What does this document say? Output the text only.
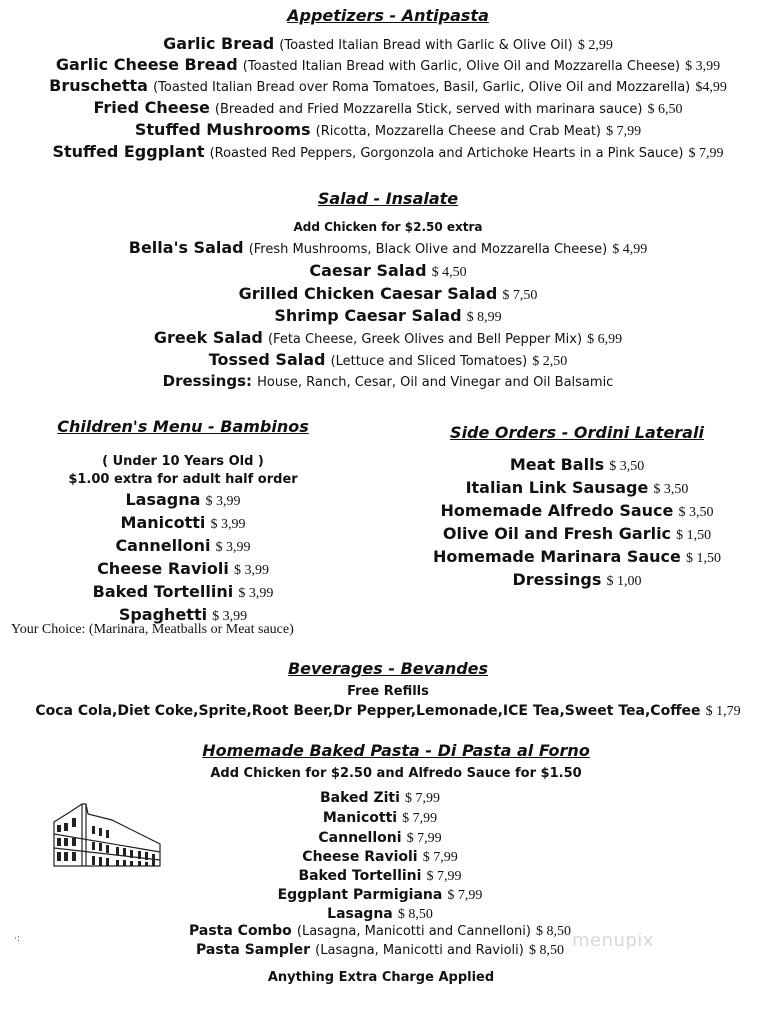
Appetizers - Antipasta
Garlic Bread (Toasted Italian Bread with Garlic & Olive Oil) $ 2,99
Garlic Cheese Bread (Toasted Italian Bread with Garlic, Olive Oil and Mozzarella Cheese) $ 3,99
Bruschetta (Toasted Italian Bread over Roma Tomatoes, Basil, Garlic, Olive Oil and Mozzarella) $4,99
Fried Cheese (Breaded and Fried Mozzarella Stick, served with marinara sauce) $ 6,50
Stuffed Mushrooms (Ricotta, Mozzarella Cheese and Crab Meat) $ 7,99
Stuffed Eggplant (Roasted Red Peppers, Gorgonzola and Artichoke Hearts in a Pink Sauce) $ 7,99
Salad - Insalate
Add Chicken for $2.50 extra
Bella's Salad (Fresh Mushrooms, Black Olive and Mozzarella Cheese) $ 4,99
Caesar Salad $ 4,50
Grilled Chicken Caesar Salad $ 7,50
Shrimp Caesar Salad $ 8,99
Greek Salad (Feta Cheese, Greek Olives and Bell Pepper Mix) $ 6,99
Tossed Salad (Lettuce and Sliced Tomatoes) $ 2,50
Dressings: House, Ranch, Cesar, Oil and Vinegar and Oil Balsamic
Children's Menu - Bambinos
( Under 10 Years Old )
$1.00 extra for adult half order
Lasagna $ 3,99
Manicotti $ 3,99
Cannelloni $ 3,99
Cheese Ravioli $ 3,99
Baked Tortellini $ 3,99
Spaghetti $ 3,99
Your Choice: (Marinara, Meatballs or Meat sauce)
Side Orders - Ordini Laterali
Meat Balls $ 3,50
Italian Link Sausage $ 3,50
Homemade Alfredo Sauce $ 3,50
Olive Oil and Fresh Garlic $ 1,50
Homemade Marinara Sauce $ 1,50
Dressings $ 1,00
Beverages - Bevandes
Free Refills
Coca Cola,Diet Coke,Sprite,Root Beer,Dr Pepper,Lemonade,ICE Tea,Sweet Tea,Coffee $ 1,79
Homemade Baked Pasta - Di Pasta al Forno
Add Chicken for $2.50 and Alfredo Sauce for $1.50
Baked Ziti $ 7,99
Manicotti $ 7,99
Cannelloni $ 7,99
Cheese Ravioli $ 7,99
Baked Tortellini $ 7,99
Eggplant Parmigiana $ 7,99
Lasagna $ 8,50
Pasta Combo (Lasagna, Manicotti and Cannelloni) $ 8,50
Pasta Sampler (Lasagna, Manicotti and Ravioli) $ 8,50
Anything Extra Charge Applied
·:	menupix
